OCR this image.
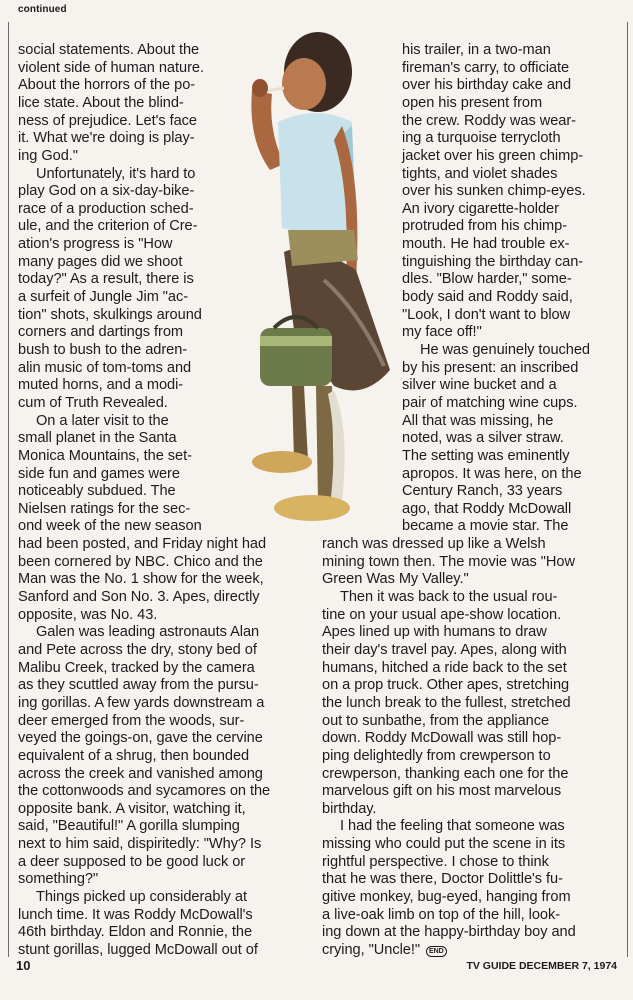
continued
social statements. About the
violent side of human nature.
About the horrors of the po-
lice state. About the blind-
ness of prejudice. Let's face
it. What we're doing is play-
ing God."
Unfortunately, it's hard to
play God on a six-day-bike-
race of a production sched-
ule, and the criterion of Cre-
ation's progress is "How
many pages did we shoot
today?" As a result, there is
a surfeit of Jungle Jim "ac-
tion" shots, skulkings around
corners and dartings from
bush to bush to the adren-
alin music of tom-toms and
muted horns, and a modi-
cum of Truth Revealed.
On a later visit to the
small planet in the Santa
Monica Mountains, the set-
side fun and games were
noticeably subdued. The
Nielsen ratings for the sec-
ond week of the new season
had been posted, and Friday night had
been cornered by NBC. Chico and the
Man was the No. 1 show for the week,
Sanford and Son No. 3. Apes, directly
opposite, was No. 43.
Galen was leading astronauts Alan
and Pete across the dry, stony bed of
Malibu Creek, tracked by the camera
as they scuttled away from the pursu-
ing gorillas. A few yards downstream a
deer emerged from the woods, sur-
veyed the goings-on, gave the cervine
equivalent of a shrug, then bounded
across the creek and vanished among
the cottonwoods and sycamores on the
opposite bank. A visitor, watching it,
said, "Beautiful!" A gorilla slumping
next to him said, dispiritedly: "Why? Is
a deer supposed to be good luck or
something?"
Things picked up considerably at
lunch time. It was Roddy McDowall's
46th birthday. Eldon and Ronnie, the
stunt gorillas, lugged McDowall out of
his trailer, in a two-man
fireman's carry, to officiate
over his birthday cake and
open his present from
the crew. Roddy was wear-
ing a turquoise terrycloth
jacket over his green chimp-
tights, and violet shades
over his sunken chimp-eyes.
An ivory cigarette-holder
protruded from his chimp-
mouth. He had trouble ex-
tinguishing the birthday can-
dles. "Blow harder," some-
body said and Roddy said,
"Look, I don't want to blow
my face off!"
He was genuinely touched
by his present: an inscribed
silver wine bucket and a
pair of matching wine cups.
All that was missing, he
noted, was a silver straw.
The setting was eminently
apropos. It was here, on the
Century Ranch, 33 years
ago, that Roddy McDowall
became a movie star. The
ranch was dressed up like a Welsh
mining town then. The movie was "How
Green Was My Valley."
Then it was back to the usual rou-
tine on your usual ape-show location.
Apes lined up with humans to draw
their day's travel pay. Apes, along with
humans, hitched a ride back to the set
on a prop truck. Other apes, stretching
the lunch break to the fullest, stretched
out to sunbathe, from the appliance
down. Roddy McDowall was still hop-
ping delightedly from crewperson to
crewperson, thanking each one for the
marvelous gift on his most marvelous
birthday.
I had the feeling that someone was
missing who could put the scene in its
rightful perspective. I chose to think
that he was there, Doctor Dolittle's fu-
gitive monkey, bug-eyed, hanging from
a live-oak limb on top of the hill, look-
ing down at the happy-birthday boy and
crying, "Uncle!" END
10	TV GUIDE DECEMBER 7, 1974
